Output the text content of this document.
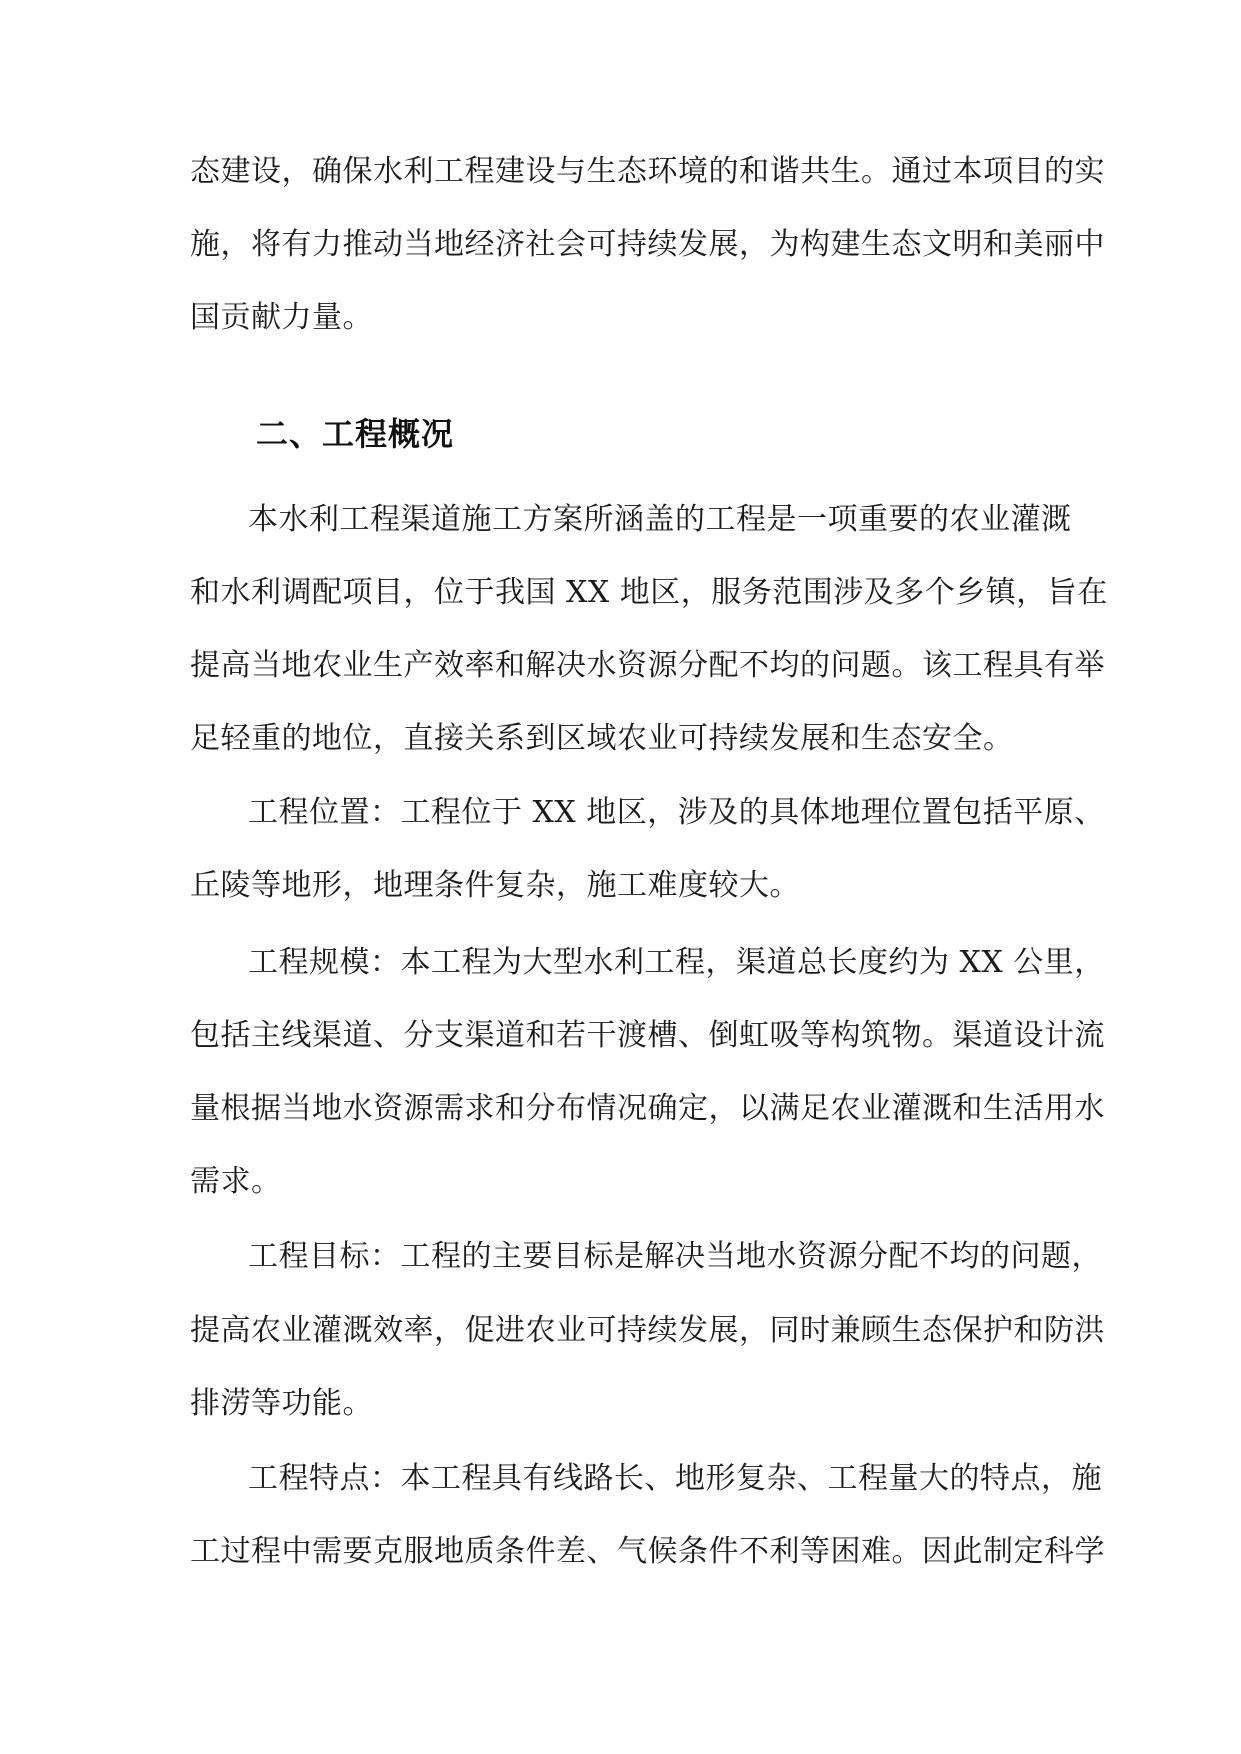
态建设，确保水利工程建设与生态环境的和谐共生。通过本项目的实
施，将有力推动当地经济社会可持续发展，为构建生态文明和美丽中
国贡献力量。
二、工程概况
本水利工程渠道施工方案所涵盖的工程是一项重要的农业灌溉
和水利调配项目，位于我国 XX 地区，服务范围涉及多个乡镇，旨在
提高当地农业生产效率和解决水资源分配不均的问题。该工程具有举
足轻重的地位，直接关系到区域农业可持续发展和生态安全。
工程位置：工程位于 XX 地区，涉及的具体地理位置包括平原、
丘陵等地形，地理条件复杂，施工难度较大。
工程规模：本工程为大型水利工程，渠道总长度约为 XX 公里，
包括主线渠道、分支渠道和若干渡槽、倒虹吸等构筑物。渠道设计流
量根据当地水资源需求和分布情况确定，以满足农业灌溉和生活用水
需求。
工程目标：工程的主要目标是解决当地水资源分配不均的问题，
提高农业灌溉效率，促进农业可持续发展，同时兼顾生态保护和防洪
排涝等功能。
工程特点：本工程具有线路长、地形复杂、工程量大的特点，施
工过程中需要克服地质条件差、气候条件不利等困难。因此制定科学
